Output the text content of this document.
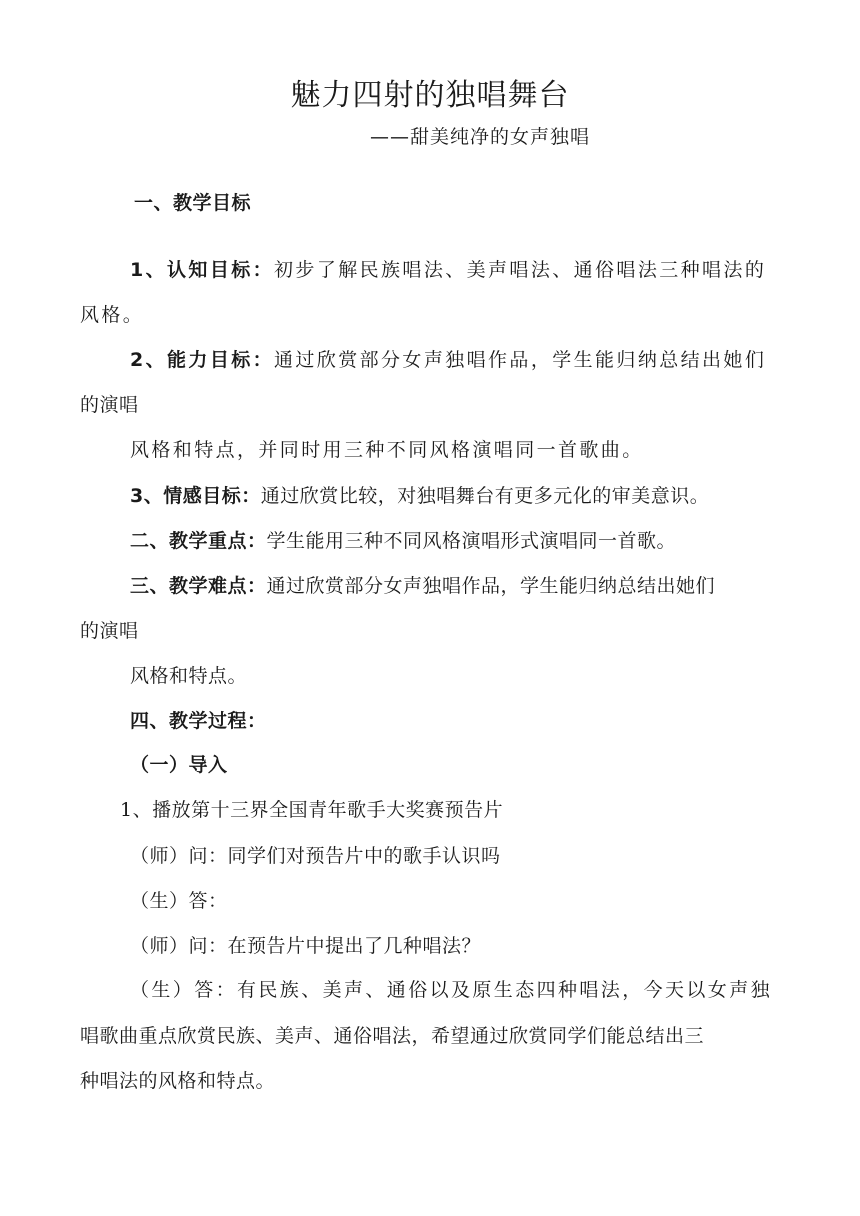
魅力四射的独唱舞台
——甜美纯净的女声独唱
一、教学目标
1、认知目标：初步了解民族唱法、美声唱法、通俗唱法三种唱法的
风格。
2、能力目标：通过欣赏部分女声独唱作品，学生能归纳总结出她们
的演唱
风格和特点，并同时用三种不同风格演唱同一首歌曲。
3、情感目标：通过欣赏比较，对独唱舞台有更多元化的审美意识。
二、教学重点：学生能用三种不同风格演唱形式演唱同一首歌。
三、教学难点：通过欣赏部分女声独唱作品，学生能归纳总结出她们
的演唱
风格和特点。
四、教学过程：
（一）导入
1、播放第十三界全国青年歌手大奖赛预告片
（师）问：同学们对预告片中的歌手认识吗
（生）答：
（师）问：在预告片中提出了几种唱法？
（生）答：有民族、美声、通俗以及原生态四种唱法，今天以女声独
唱歌曲重点欣赏民族、美声、通俗唱法，希望通过欣赏同学们能总结出三
种唱法的风格和特点。
